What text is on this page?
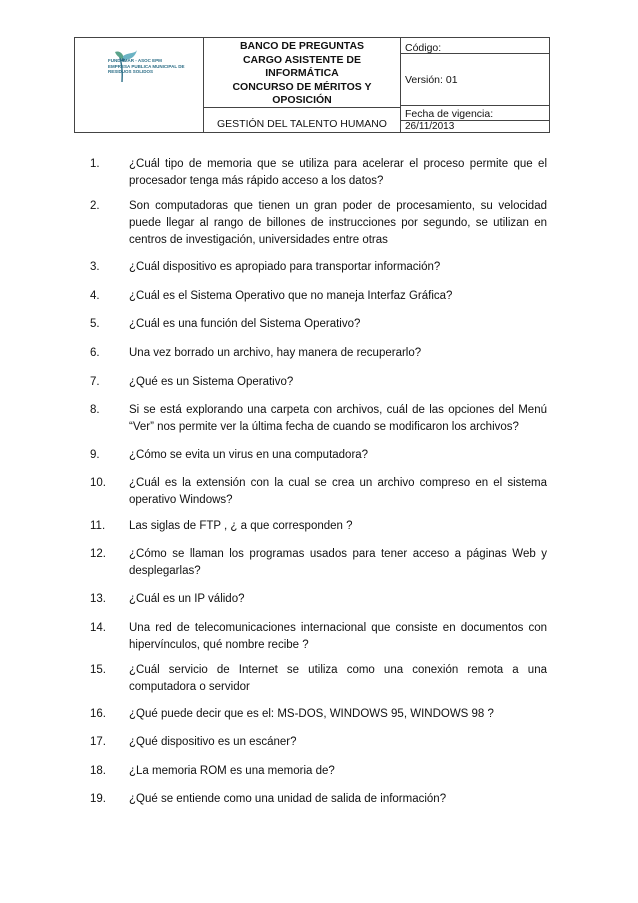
FUNDAMAR - ASOC EPM
EMPRESA PUBLICA MUNICIPAL DE
RESIDUOS SOLIDOS
BANCO DE PREGUNTAS
CARGO ASISTENTE DE
INFORMÁTICA
CONCURSO DE MÉRITOS Y
OPOSICIÓN
GESTIÓN DEL TALENTO HUMANO
Código:
Versión: 01
Fecha de vigencia:
26/11/2013
1.	¿Cuál tipo de memoria que se utiliza para acelerar el proceso permite que el procesador tenga más rápido acceso a los datos?
2.	Son computadoras que tienen un gran poder de procesamiento, su velocidad puede llegar al rango de billones de instrucciones por segundo, se utilizan en centros de investigación, universidades entre otras
3.	¿Cuál dispositivo es apropiado para transportar información?
4.	¿Cuál es el Sistema Operativo que no maneja Interfaz Gráfica?
5.	¿Cuál es una función del Sistema Operativo?
6.	Una vez borrado un archivo, hay manera de recuperarlo?
7.	¿Qué es un Sistema Operativo?
8.	Si se está explorando una carpeta con archivos, cuál de las opciones del Menú “Ver” nos permite ver la última fecha de cuando se modificaron los archivos?
9.	¿Cómo se evita un virus en una computadora?
10. ¿Cuál es la extensión con la cual se crea un archivo compreso en el sistema operativo Windows?
11. Las siglas de FTP , ¿ a que corresponden ?
12. ¿Cómo se llaman los programas usados para tener acceso a páginas Web y desplegarlas?
13. ¿Cuál es un IP válido?
14. Una red de telecomunicaciones internacional que consiste en documentos con hipervínculos, qué nombre recibe ?
15. ¿Cuál servicio de Internet se utiliza como una conexión remota a una computadora o servidor
16. ¿Qué puede decir que es el: MS-DOS, WINDOWS 95, WINDOWS 98 ?
17. ¿Qué dispositivo es un escáner?
18. ¿La memoria ROM es una memoria de?
19. ¿Qué se entiende como una unidad de salida de información?
